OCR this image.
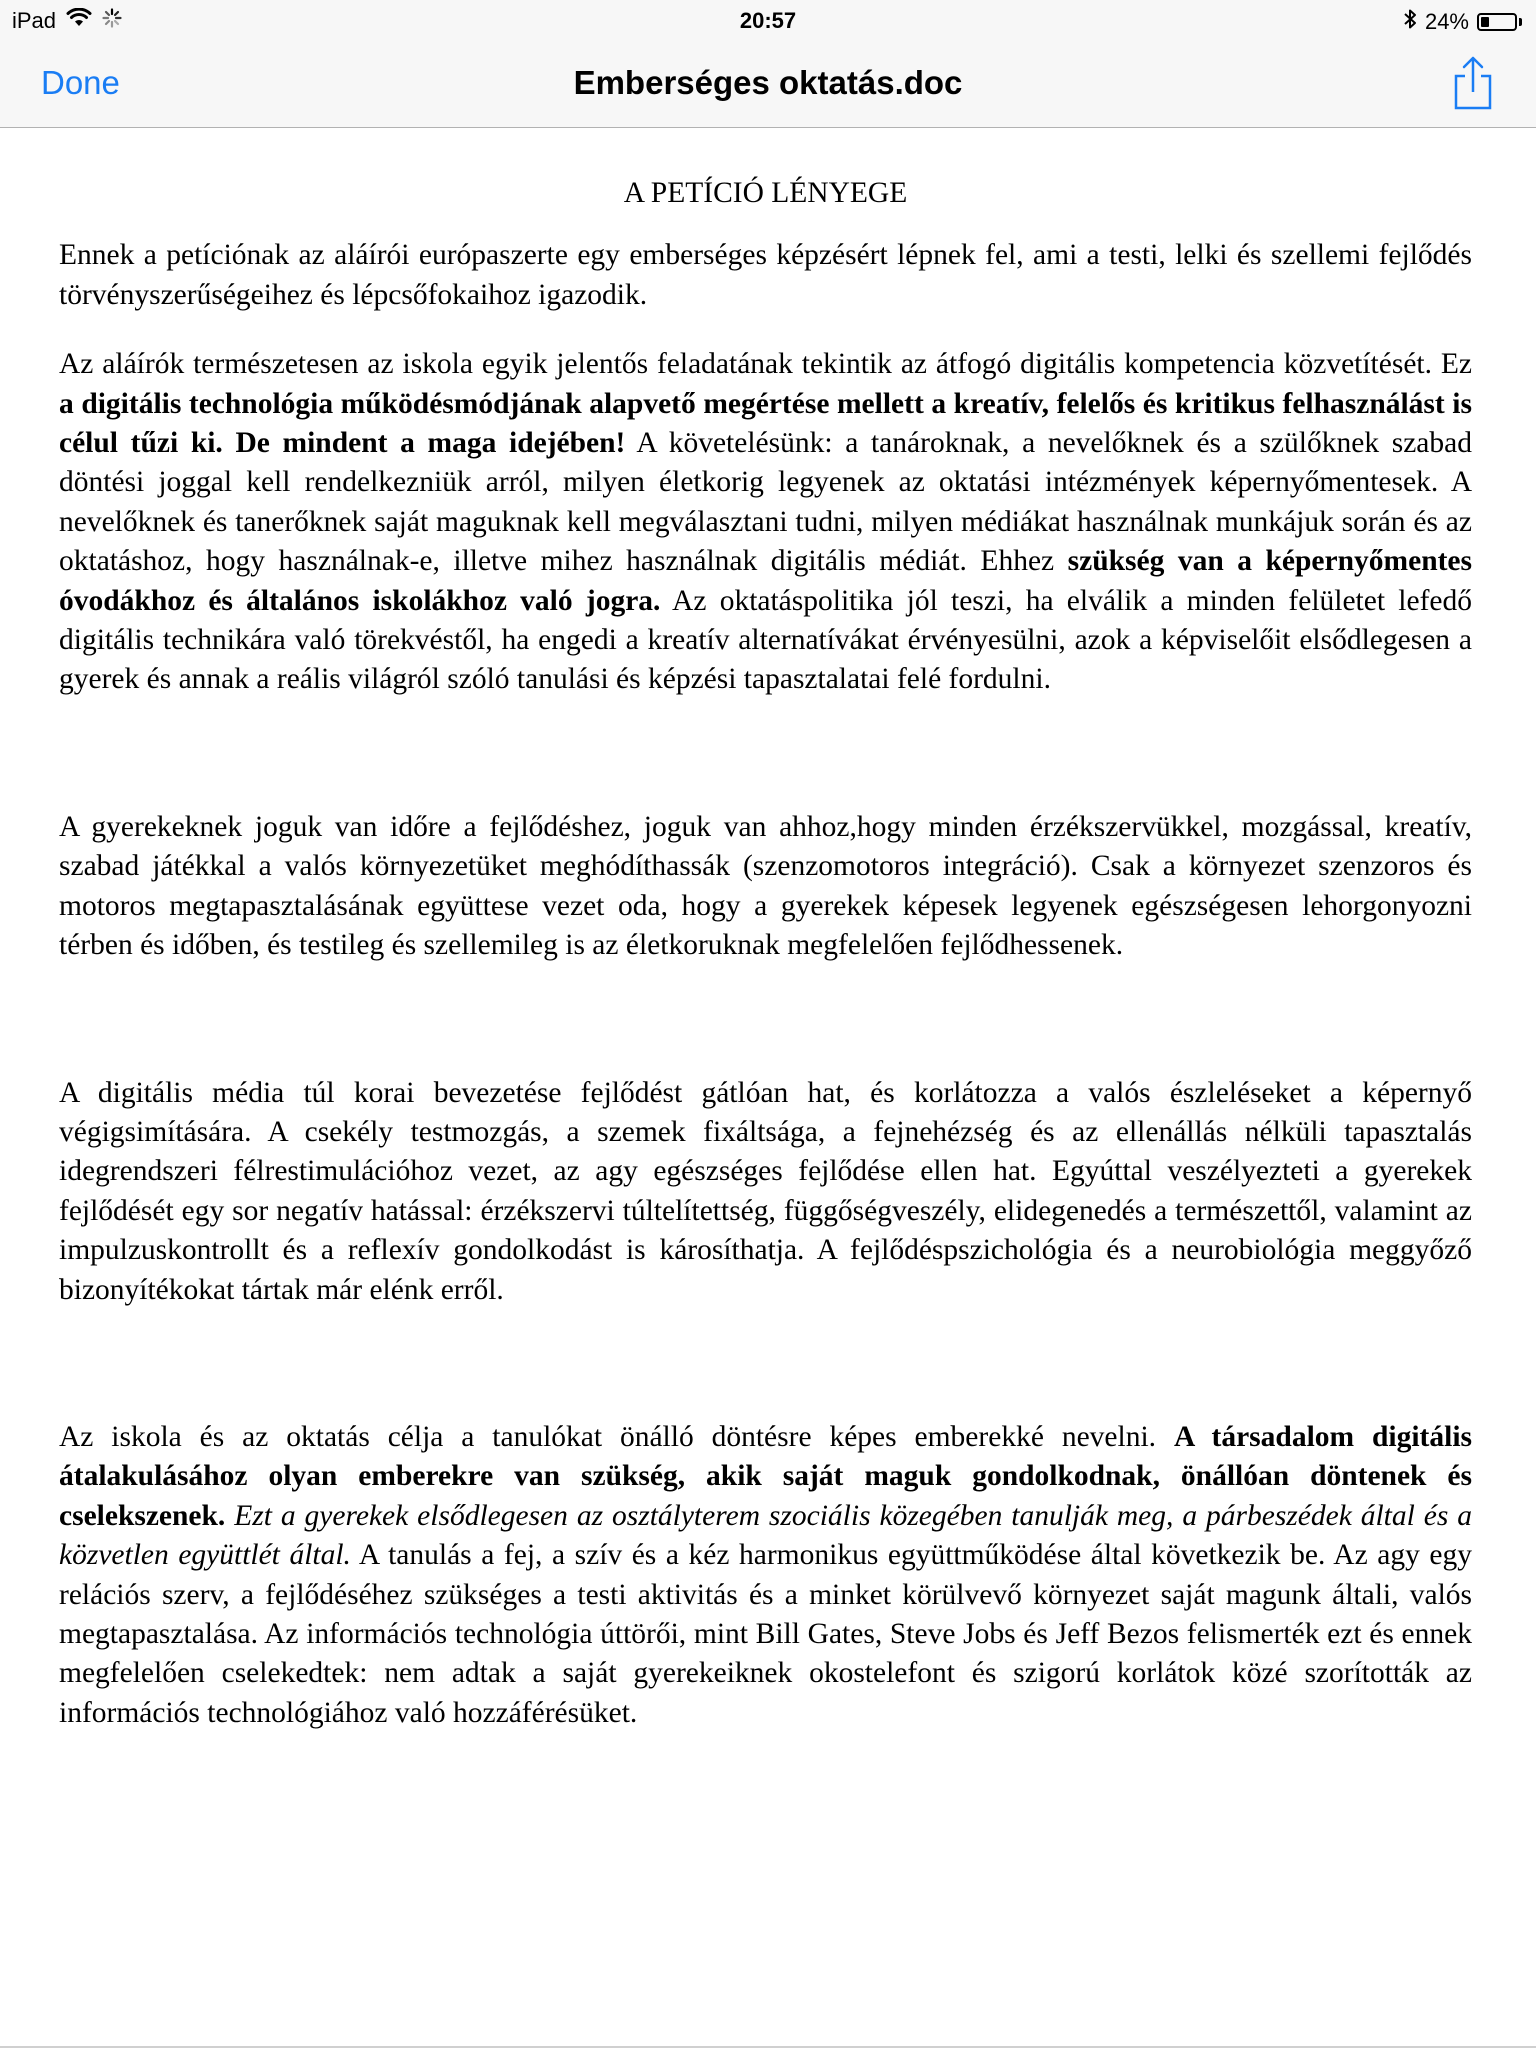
iPad	20:57	24%
Done	Emberséges oktatás.doc

A PETÍCIÓ LÉNYEGE

Ennek a petíciónak az aláírói európaszerte egy emberséges képzésért lépnek fel, ami a testi, lelki és szellemi fejlődés törvényszerűségeihez és lépcsőfokaihoz igazodik.

Az aláírók természetesen az iskola egyik jelentős feladatának tekintik az átfogó digitális kompetencia közvetítését. Ez a digitális technológia működésmódjának alapvető megértése mellett a kreatív, felelős és kritikus felhasználást is célul tűzi ki. De mindent a maga idejében! A követelésünk: a tanároknak, a nevelőknek és a szülőknek szabad döntési joggal kell rendelkezniük arról, milyen életkorig legyenek az oktatási intézmények képernyőmentesek. A nevelőknek és tanerőknek saját maguknak kell megválasztani tudni, milyen médiákat használnak munkájuk során és az oktatáshoz, hogy használnak-e, illetve mihez használnak digitális médiát. Ehhez szükség van a képernyőmentes óvodákhoz és általános iskolákhoz való jogra. Az oktatáspolitika jól teszi, ha elválik a minden felületet lefedő digitális technikára való törekvéstől, ha engedi a kreatív alternatívákat érvényesülni, azok a képviselőit elsődlegesen a gyerek és annak a reális világról szóló tanulási és képzési tapasztalatai felé fordulni.

A gyerekeknek joguk van időre a fejlődéshez, joguk van ahhoz,hogy minden érzékszervükkel, mozgással, kreatív, szabad játékkal a valós környezetüket meghódíthassák (szenzomotoros integráció). Csak a környezet szenzoros és motoros megtapasztalásának együttese vezet oda, hogy a gyerekek képesek legyenek egészségesen lehorgonyozni térben és időben, és testileg és szellemileg is az életkoruknak megfelelően fejlődhessenek.

A digitális média túl korai bevezetése fejlődést gátlóan hat, és korlátozza a valós észleléseket a képernyő végigsimítására. A csekély testmozgás, a szemek fixáltsága, a fejnehézség és az ellenállás nélküli tapasztalás idegrendszeri félrestimulációhoz vezet, az agy egészséges fejlődése ellen hat. Egyúttal veszélyezteti a gyerekek fejlődését egy sor negatív hatással: érzékszervi túltelítettség, függőségveszély, elidegenedés a természettől, valamint az impulzuskontrollt és a reflexív gondolkodást is károsíthatja. A fejlődéspszichológia és a neurobiológia meggyőző bizonyítékokat tártak már elénk erről.

Az iskola és az oktatás célja a tanulókat önálló döntésre képes emberekké nevelni. A társadalom digitális átalakulásához olyan emberekre van szükség, akik saját maguk gondolkodnak, önállóan döntenek és cselekszenek. Ezt a gyerekek elsődlegesen az osztályterem szociális közegében tanulják meg, a párbeszédek által és a közvetlen együttlét által. A tanulás a fej, a szív és a kéz harmonikus együttműködése által következik be. Az agy egy relációs szerv, a fejlődéséhez szükséges a testi aktivitás és a minket körülvevő környezet saját magunk általi, valós megtapasztalása. Az információs technológia úttörői, mint Bill Gates, Steve Jobs és Jeff Bezos felismerték ezt és ennek megfelelően cselekedtek: nem adtak a saját gyerekeiknek okostelefont és szigorú korlátok közé szorították az információs technológiához való hozzáférésüket.
